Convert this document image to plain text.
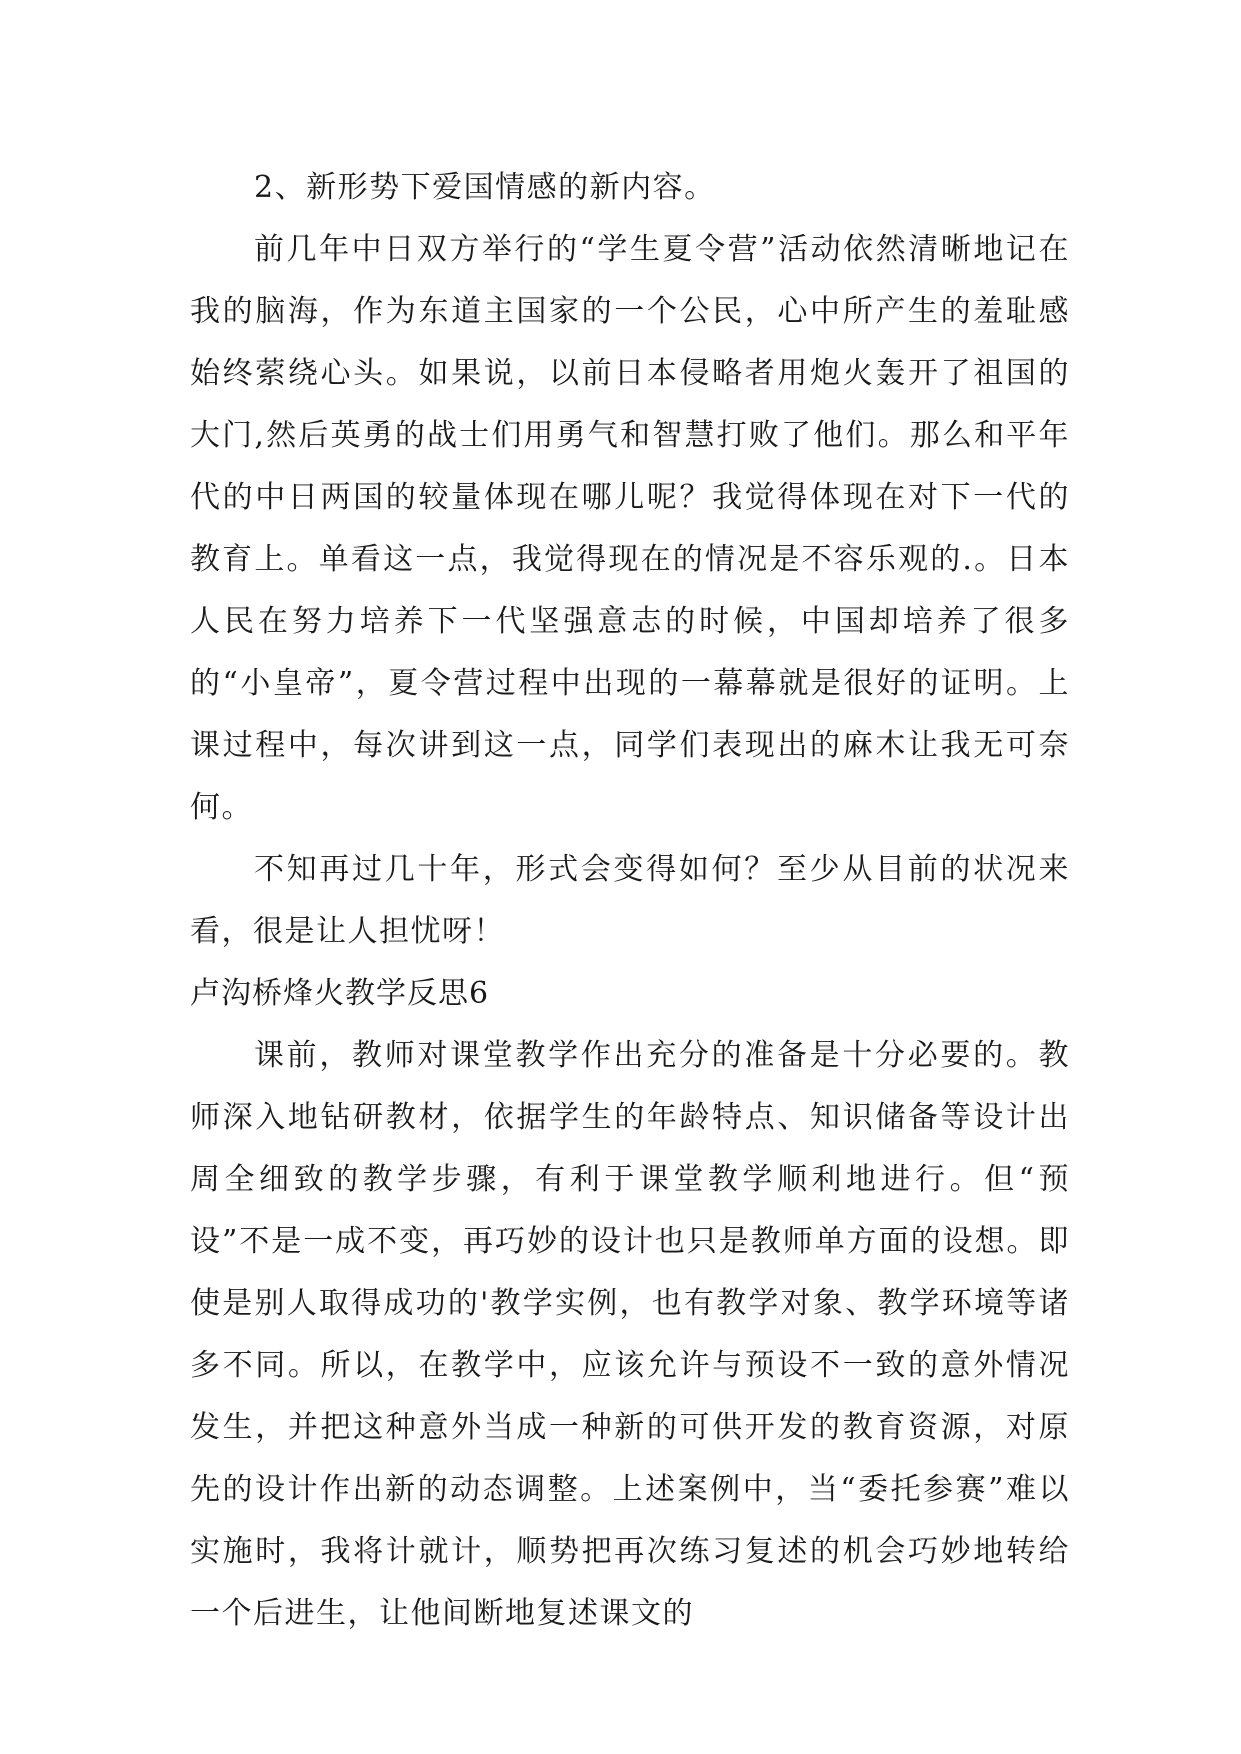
2、新形势下爱国情感的新内容。

前几年中日双方举行的“学生夏令营”活动依然清晰地记在我的脑海，作为东道主国家的一个公民，心中所产生的羞耻感始终萦绕心头。如果说，以前日本侵略者用炮火轰开了祖国的大门,然后英勇的战士们用勇气和智慧打败了他们。那么和平年代的中日两国的较量体现在哪儿呢？我觉得体现在对下一代的教育上。单看这一点，我觉得现在的情况是不容乐观的.。日本人民在努力培养下一代坚强意志的时候，中国却培养了很多的“小皇帝”，夏令营过程中出现的一幕幕就是很好的证明。上课过程中，每次讲到这一点，同学们表现出的麻木让我无可奈何。

不知再过几十年，形式会变得如何？至少从目前的状况来看，很是让人担忧呀！

卢沟桥烽火教学反思6

课前，教师对课堂教学作出充分的准备是十分必要的。教师深入地钻研教材，依据学生的年龄特点、知识储备等设计出周全细致的教学步骤，有利于课堂教学顺利地进行。但“预设”不是一成不变，再巧妙的设计也只是教师单方面的设想。即使是别人取得成功的'教学实例，也有教学对象、教学环境等诸多不同。所以，在教学中，应该允许与预设不一致的意外情况发生，并把这种意外当成一种新的可供开发的教育资源，对原先的设计作出新的动态调整。上述案例中，当“委托参赛”难以实施时，我将计就计，顺势把再次练习复述的机会巧妙地转给一个后进生，让他间断地复述课文的
